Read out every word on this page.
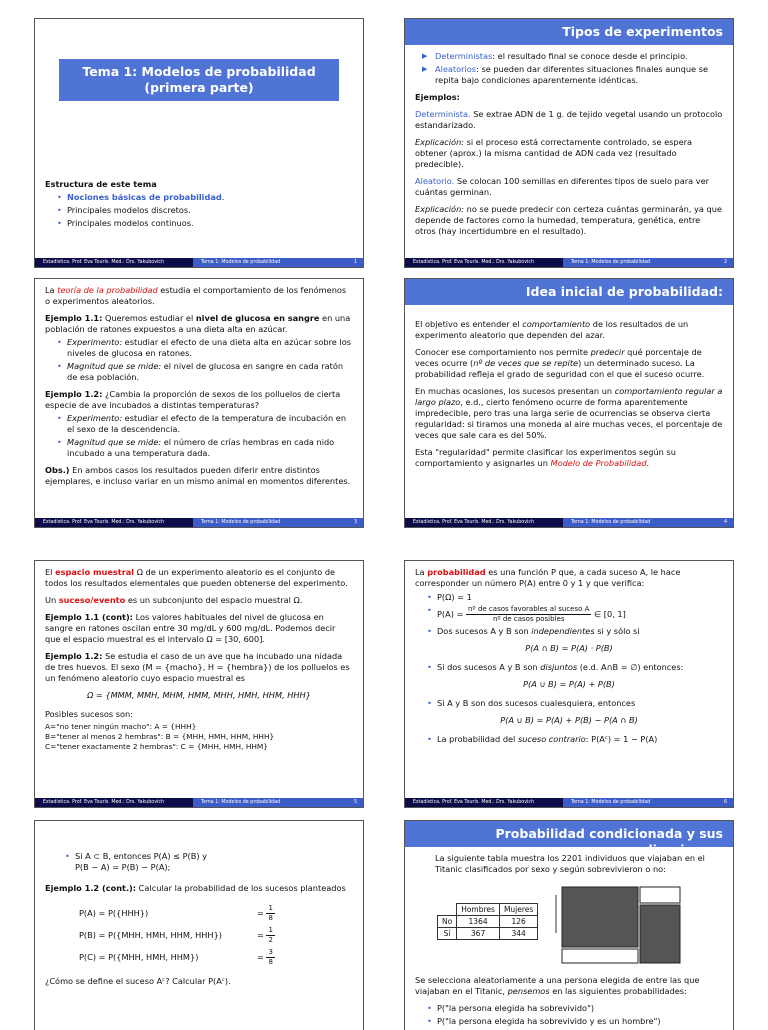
Tema 1: Modelos de probabilidad
(primera parte)
Estructura de este tema
• Nociones básicas de probabilidad.
• Principales modelos discretos.
• Principales modelos continuos.
Estadística. Prof. Eva Tourís. Med.: Drs. Yakubovich	Tema 1: Modelos de probabilidad	1
Tipos de experimentos
▶ Deterministas: el resultado final se conoce desde el principio.
▶ Aleatorios: se pueden dar diferentes situaciones finales aunque se repita bajo condiciones aparentemente idénticas.

Ejemplos:

Determinista. Se extrae ADN de 1 g. de tejido vegetal usando un protocolo estandarizado.

Explicación: si el proceso está correctamente controlado, se espera obtener (aprox.) la misma cantidad de ADN cada vez (resultado predecible).

Aleatorio. Se colocan 100 semillas en diferentes tipos de suelo para ver cuántas germinan.

Explicación: no se puede predecir con certeza cuántas germinarán, ya que depende de factores como la humedad, temperatura, genética, entre otros (hay incertidumbre en el resultado).

Estadística. Prof. Eva Tourís. Med.: Drs. Yakubovich	Tema 1: Modelos de probabilidad	2

La teoría de la probabilidad estudia el comportamiento de los fenómenos o experimentos aleatorios.

Ejemplo 1.1: Queremos estudiar el nivel de glucosa en sangre en una población de ratones expuestos a una dieta alta en azúcar.

• Experimento: estudiar el efecto de una dieta alta en azúcar sobre los niveles de glucosa en ratones.
• Magnitud que se mide: el nivel de glucosa en sangre en cada ratón de esa población.

Ejemplo 1.2: ¿Cambia la proporción de sexos de los polluelos de cierta especie de ave incubados a distintas temperaturas?

• Experimento: estudiar el efecto de la temperatura de incubación en el sexo de la descendencia.
• Magnitud que se mide: el número de crías hembras en cada nido incubado a una temperatura dada.

Obs.) En ambos casos los resultados pueden diferir entre distintos ejemplares, e incluso variar en un mismo animal en momentos diferentes.

Estadística. Prof. Eva Tourís. Med.: Drs. Yakubovich	Tema 1: Modelos de probabilidad	3
Idea inicial de probabilidad:

El objetivo es entender el comportamiento de los resultados de un experimento aleatorio que dependen del azar.

Conocer ese comportamiento nos permite predecir qué porcentaje de veces ocurre (nº de veces que se repite) un determinado suceso. La probabilidad refleja el grado de seguridad con el que el suceso ocurre.

En muchas ocasiones, los sucesos presentan un comportamiento regular a largo plazo, e.d., cierto fenómeno ocurre de forma aparentemente impredecible, pero tras una larga serie de ocurrencias se observa cierta regularidad: si tiramos una moneda al aire muchas veces, el porcentaje de veces que sale cara es del 50%.

Esta "regularidad" permite clasificar los experimentos según su comportamiento y asignarles un Modelo de Probabilidad.

Estadística. Prof. Eva Tourís. Med.: Drs. Yakubovich	Tema 1: Modelos de probabilidad	4

El espacio muestral Ω de un experimento aleatorio es el conjunto de todos los resultados elementales que pueden obtenerse del experimento.

Un suceso/evento es un subconjunto del espacio muestral Ω.

Ejemplo 1.1 (cont): Los valores habituales del nivel de glucosa en sangre en ratones oscilan entre 30 mg/dL y 600 mg/dL. Podemos decir que el espacio muestral es el intervalo Ω = [30, 600].

Ejemplo 1.2: Se estudia el caso de un ave que ha incubado una nidada de tres huevos. El sexo (M = {macho}, H = {hembra}) de los polluelos es un fenómeno aleatorio cuyo espacio muestral es

Ω = {MMM, MMH, MHM, HMM, MHH, HMH, HHM, HHH}

Posibles sucesos son:

A="no tener ningún macho": A = {HHH}
B="tener al menos 2 hembras": B = {MHH, HMH, HHM, HHH}
C="tener exactamente 2 hembras": C = {MHH, HMH, HHM}
Estadística. Prof. Eva Tourís. Med.: Drs. Yakubovich	Tema 1: Modelos de probabilidad	5

La probabilidad es una función P que, a cada suceso A, le hace corresponder un número P(A) entre 0 y 1 y que verifica:

• P(Ω) = 1
• $P(A) = \frac{\text{nº de casos favorables al suceso A}}{\text{nº de casos posibles}}$ ∈ [0, 1]
• Dos sucesos A y B son independientes si y sólo si
P(A ∩ B) = P(A) · P(B)
• Si dos sucesos A y B son disjuntos (e.d. A∩B = ∅) entonces:
P(A ∪ B) = P(A) + P(B)
• Si A y B son dos sucesos cualesquiera, entonces
P(A ∪ B) = P(A) + P(B) − P(A ∩ B)
• La probabilidad del suceso contrario: P(Aᶜ) = 1 − P(A)
Estadística. Prof. Eva Tourís. Med.: Drs. Yakubovich	Tema 1: Modelos de probabilidad	6
• Si A ⊂ B, entonces P(A) ≤ P(B) y
P(B − A) = P(B) − P(A);

Ejemplo 1.2 (cont.): Calcular la probabilidad de los sucesos planteados

P(A) = P({HHH})	= $\frac{1}{8}$
P(B) = P({MHH, HMH, HHM, HHH})	= $\frac{1}{2}$
P(C) = P({MHH, HMH, HHM})	= $\frac{3}{8}$

¿Cómo se define el suceso Aᶜ? Calcular P(Aᶜ).

Probabilidad condicionada y sus aplicaciones:

La siguiente tabla muestra los 2201 individuos que viajaban en el Titanic clasificados por sexo y según sobrevivieron o no:

	Hombres	Mujeres
No	1364	126
Sí	367	344

Se selecciona aleatoriamente a una persona elegida de entre las que viajaban en el Titanic, pensemos en las siguientes probabilidades:

• P("la persona elegida ha sobrevivido")
• P("la persona elegida ha sobrevivido y es un hombre")
